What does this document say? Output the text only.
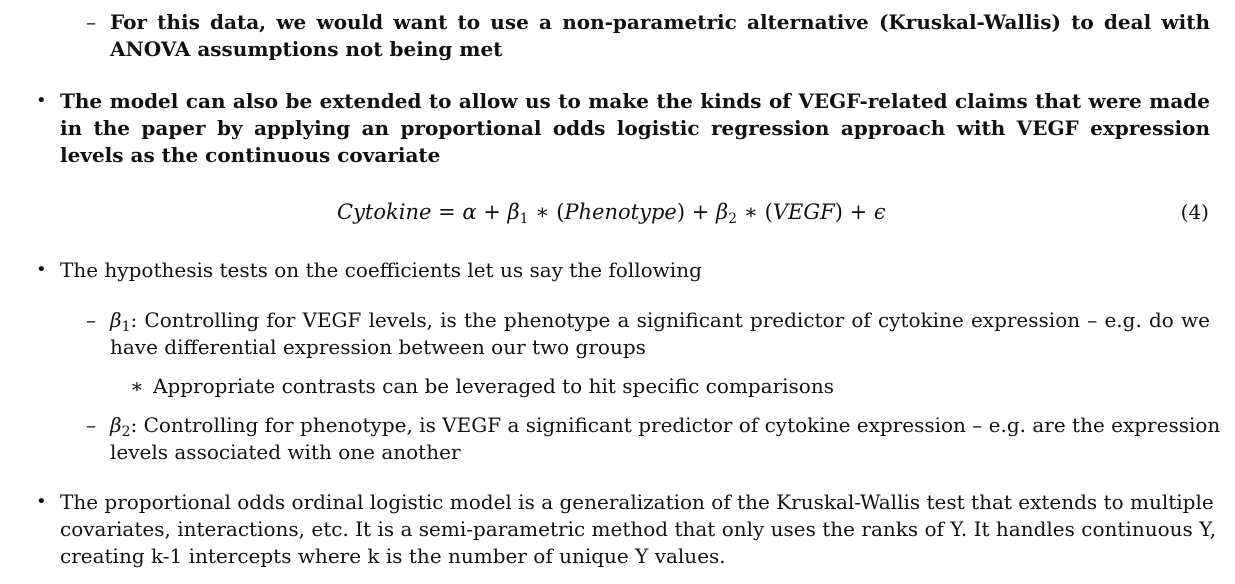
– For this data, we would want to use a non-parametric alternative (Kruskal-Wallis) to deal with
ANOVA assumptions not being met
• The model can also be extended to allow us to make the kinds of VEGF-related claims that were made
in the paper by applying an proportional odds logistic regression approach with VEGF expression
levels as the continuous covariate
Cytokine = $\alpha + \beta_1$ ∗ (Phenotype) + $\beta_2$ ∗ (VEGF) + ϵ	(4)
• The hypothesis tests on the coefficients let us say the following
– $\beta_1$: Controlling for VEGF levels, is the phenotype a significant predictor of cytokine expression – e.g. do we
have differential expression between our two groups
∗ Appropriate contrasts can be leveraged to hit specific comparisons
– $\beta_2$: Controlling for phenotype, is VEGF a significant predictor of cytokine expression – e.g. are the expression
levels associated with one another
• The proportional odds ordinal logistic model is a generalization of the Kruskal-Wallis test that extends to multiple
covariates, interactions, etc. It is a semi-parametric method that only uses the ranks of Y. It handles continuous Y,
creating k-1 intercepts where k is the number of unique Y values.
